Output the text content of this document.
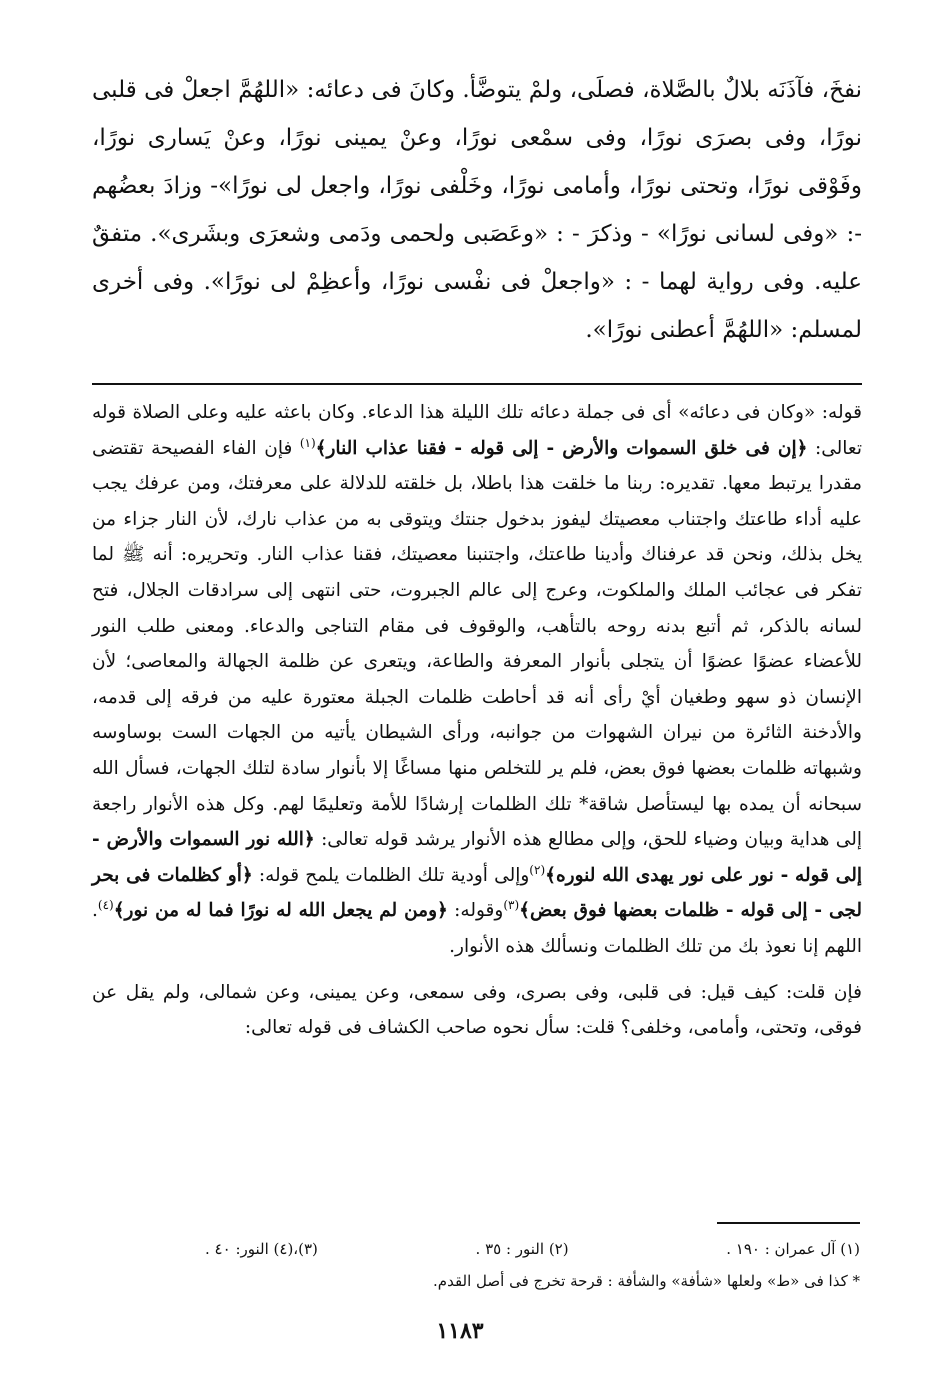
نفخَ، فآذَنَه بلالٌ بالصَّلاة، فصلَى، ولمْ يتوضَّأ. وكانَ فى دعائه: «اللهُمَّ اجعلْ فى قلبى نورًا، وفى بصرَى نورًا، وفى سمْعى نورًا، وعنْ يمينى نورًا، وعنْ يَسارى نورًا، وفَوْقى نورًا، وتحتى نورًا، وأمامى نورًا، وخَلْفى نورًا، واجعل لى نورًا»- وزادَ بعضُهم -: «وفى لسانى نورًا» - وذكرَ - : «وعَصَبى ولحمى ودَمى وشعرَى وبشَرى». متفقٌ عليه. وفى رواية لهما - : «واجعلْ فى نفْسى نورًا، وأعظِمْ لى نورًا». وفى أخرى لمسلم: «اللهُمَّ أعطنى نورًا».

قوله: «وكان فى دعائه» أى فى جملة دعائه تلك الليلة هذا الدعاء. وكان باعثه عليه وعلى الصلاة قوله تعالى: ﴿إن فى خلق السموات والأرض - إلى قوله - فقنا عذاب النار﴾$^{(١)}$ فإن الفاء الفصيحة تقتضى مقدرا يرتبط معها. تقديره: ربنا ما خلقت هذا باطلا، بل خلقته للدلالة على معرفتك، ومن عرفك يجب عليه أداء طاعتك واجتناب معصيتك ليفوز بدخول جنتك ويتوقى به من عذاب نارك، لأن النار جزاء من يخل بذلك، ونحن قد عرفناك وأدينا طاعتك، واجتنبنا معصيتك، فقنا عذاب النار. وتحريره: أنه ﷺ لما تفكر فى عجائب الملك والملكوت، وعرج إلى عالم الجبروت، حتى انتهى إلى سرادقات الجلال، فتح لسانه بالذكر، ثم أتبع بدنه روحه بالتأهب، والوقوف فى مقام التناجى والدعاء. ومعنى طلب النور للأعضاء عضوًا عضوًا أن يتجلى بأنوار المعرفة والطاعة، ويتعرى عن ظلمة الجهالة والمعاصى؛ لأن الإنسان ذو سهو وطغيان أيْ رأى أنه قد أحاطت ظلمات الجبلة معتورة عليه من فرقه إلى قدمه، والأدخنة الثائرة من نيران الشهوات من جوانبه، ورأى الشيطان يأتيه من الجهات الست بوساوسه وشبهاته ظلمات بعضها فوق بعض، فلم ير للتخلص منها مساغًا إلا بأنوار سادة لتلك الجهات، فسأل الله سبحانه أن يمده بها ليستأصل شاقة* تلك الظلمات إرشادًا للأمة وتعليمًا لهم. وكل هذه الأنوار راجعة إلى هداية وبيان وضياء للحق، وإلى مطالع هذه الأنوار يرشد قوله تعالى: ﴿الله نور السموات والأرض - إلى قوله - نور على نور يهدى الله لنوره﴾$^{(٢)}$وإلى أودية تلك الظلمات يلمح قوله: ﴿أو كظلمات فى بحر لجى - إلى قوله - ظلمات بعضها فوق بعض﴾$^{(٣)}$وقوله: ﴿ومن لم يجعل الله له نورًا فما له من نور﴾$^{(٤)}$. اللهم إنا نعوذ بك من تلك الظلمات ونسألك هذه الأنوار.

فإن قلت: كيف قيل: فى قلبى، وفى بصرى، وفى سمعى، وعن يمينى، وعن شمالى، ولم يقل عن فوقى، وتحتى، وأمامى، وخلفى؟ قلت: سأل نحوه صاحب الكشاف فى قوله تعالى:

(١) آل عمران : ١٩٠ .
(٢) النور : ٣٥ .
(٣)،(٤) النور: ٤٠ .
* كذا فى «ط» ولعلها «شأفة» والشأفة : قرحة تخرج فى أصل القدم.
١١٨٣
